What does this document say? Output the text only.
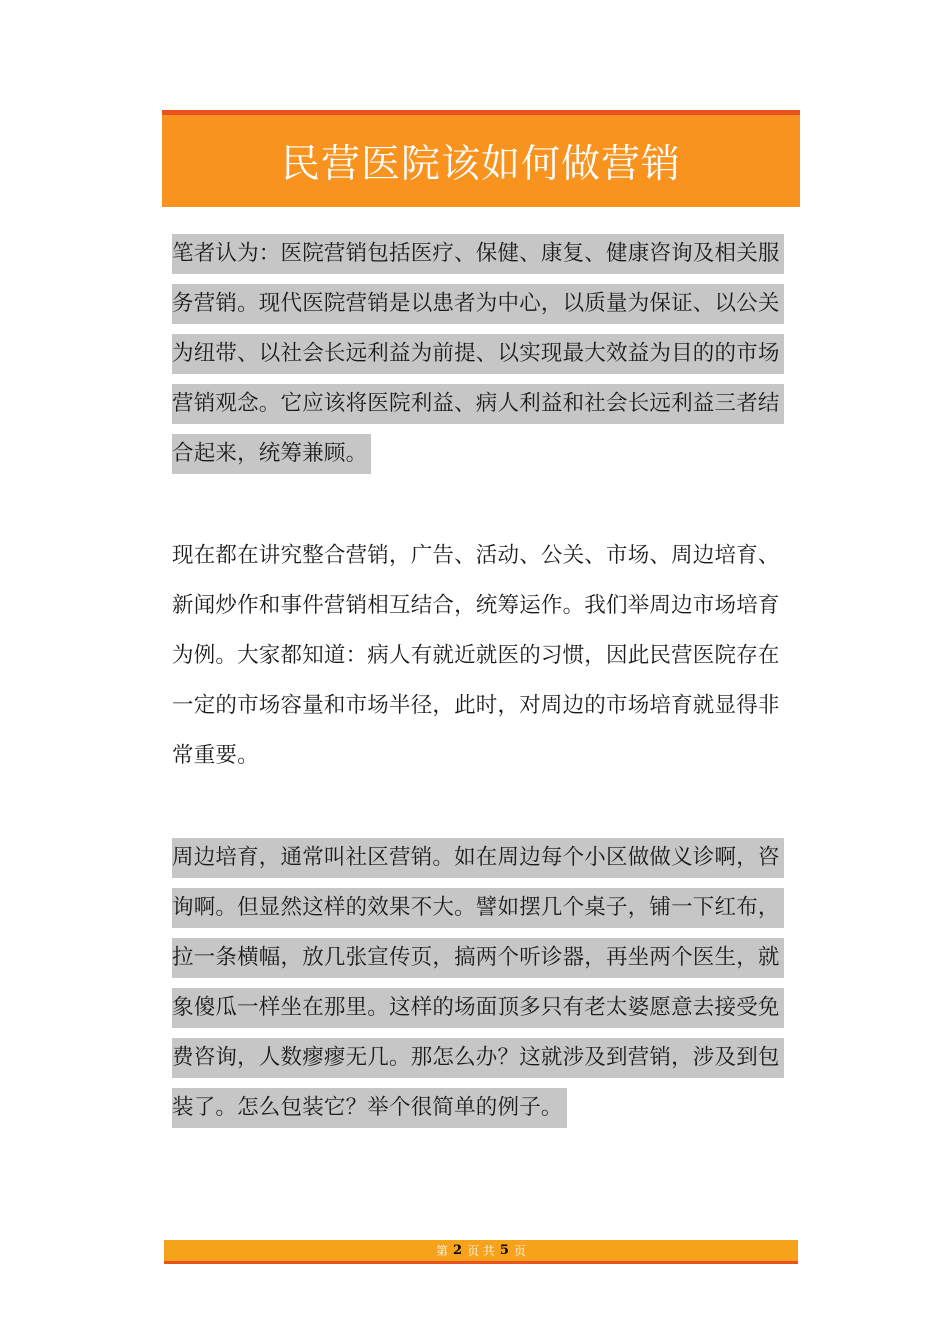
民营医院该如何做营销
笔者认为：医院营销包括医疗、保健、康复、健康咨询及相关服
务营销。现代医院营销是以患者为中心，以质量为保证、以公关
为纽带、以社会长远利益为前提、以实现最大效益为目的的市场
营销观念。它应该将医院利益、病人利益和社会长远利益三者结
合起来，统筹兼顾。
现在都在讲究整合营销，广告、活动、公关、市场、周边培育、
新闻炒作和事件营销相互结合，统筹运作。我们举周边市场培育
为例。大家都知道：病人有就近就医的习惯，因此民营医院存在
一定的市场容量和市场半径，此时，对周边的市场培育就显得非
常重要。
周边培育，通常叫社区营销。如在周边每个小区做做义诊啊，咨
询啊。但显然这样的效果不大。譬如摆几个桌子，铺一下红布，
拉一条横幅，放几张宣传页，搞两个听诊器，再坐两个医生，就
象傻瓜一样坐在那里。这样的场面顶多只有老太婆愿意去接受免
费咨询，人数瘳瘳无几。那怎么办？这就涉及到营销，涉及到包
装了。怎么包装它？举个很简单的例子。
第 2 页 共 5 页
